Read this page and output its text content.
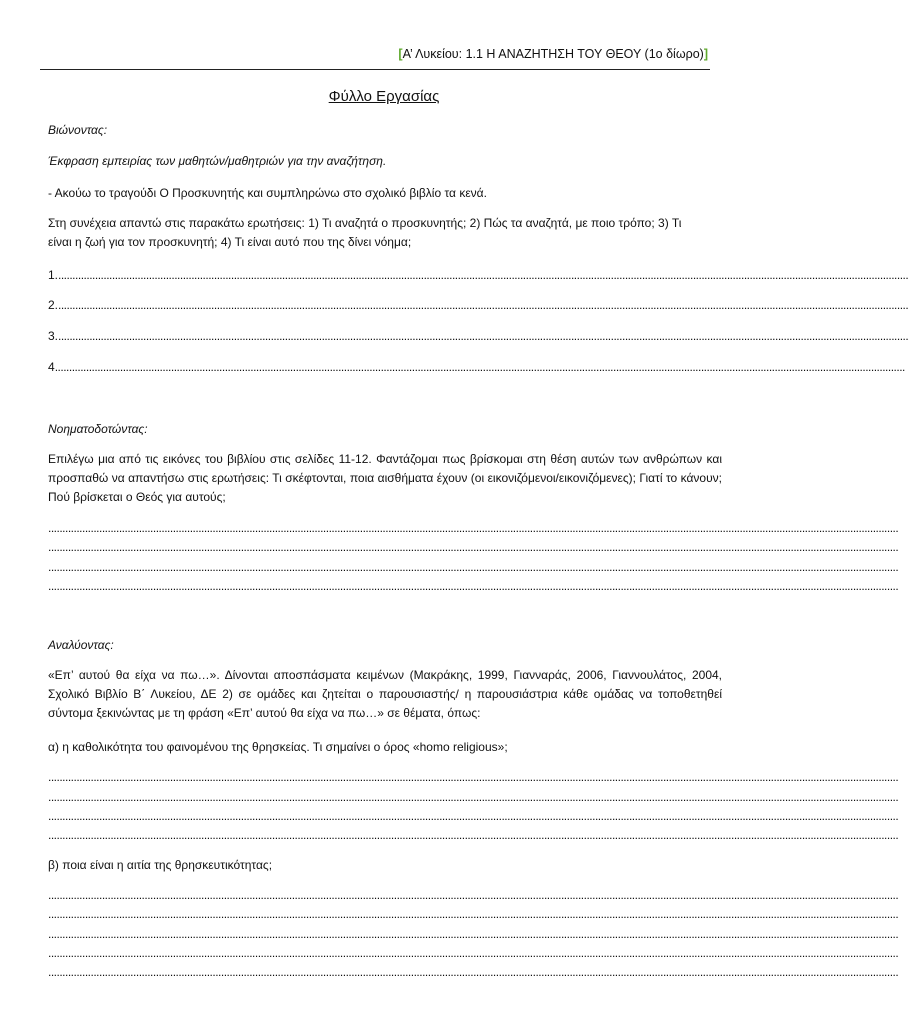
[Α’ Λυκείου: 1.1 Η ΑΝΑΖΗΤΗΣΗ ΤΟΥ ΘΕΟΥ (1ο δίωρο)]
Φύλλο Εργασίας
Βιώνοντας:
Έκφραση εμπειρίας των μαθητών/μαθητριών για την αναζήτηση.
- Ακούω το τραγούδι Ο Προσκυνητής και συμπληρώνω στο σχολικό βιβλίο τα κενά.
Στη συνέχεια απαντώ στις παρακάτω ερωτήσεις: 1) Τι αναζητά ο προσκυνητής; 2) Πώς τα αναζητά, με ποιο τρόπο; 3) Τι είναι η ζωή για τον προσκυνητή; 4) Τι είναι αυτό που της δίνει νόημα;
1.............................................................................................................................................................................................................................................................................................................
2.............................................................................................................................................................................................................................................................................................................
3.............................................................................................................................................................................................................................................................................................................
4............................................................................................................................................................................................................................................................................................................
Νοηματοδοτώντας:
Επιλέγω μια από τις εικόνες του βιβλίου στις σελίδες 11-12. Φαντάζομαι πως βρίσκομαι στη θέση αυτών των ανθρώπων και προσπαθώ να απαντήσω στις ερωτήσεις: Τι σκέφτονται, ποια αισθήματα έχουν (οι εικονιζόμενοι/εικονιζόμενες); Γιατί το κάνουν; Πού βρίσκεται ο Θεός για αυτούς;
............................................................................................................................................................................................................................................................................................................
............................................................................................................................................................................................................................................................................................................
............................................................................................................................................................................................................................................................................................................
............................................................................................................................................................................................................................................................................................................
Αναλύοντας:
«Επ’ αυτού θα είχα να πω…». Δίνονται αποσπάσματα κειμένων (Μακράκης, 1999, Γιανναράς, 2006, Γιαννουλάτος, 2004, Σχολικό Βιβλίο Β΄ Λυκείου, ΔΕ 2) σε ομάδες και ζητείται ο παρουσιαστής/ η παρουσιάστρια κάθε ομάδας να τοποθετηθεί σύντομα ξεκινώντας με τη φράση «Επ’ αυτού θα είχα να πω…» σε θέματα, όπως:
α) η καθολικότητα του φαινομένου της θρησκείας. Τι σημαίνει ο όρος «homo religious»;
............................................................................................................................................................................................................................................................................................................
............................................................................................................................................................................................................................................................................................................
............................................................................................................................................................................................................................................................................................................
............................................................................................................................................................................................................................................................................................................
β) ποια είναι η αιτία της θρησκευτικότητας;
............................................................................................................................................................................................................................................................................................................
............................................................................................................................................................................................................................................................................................................
............................................................................................................................................................................................................................................................................................................
............................................................................................................................................................................................................................................................................................................
............................................................................................................................................................................................................................................................................................................
